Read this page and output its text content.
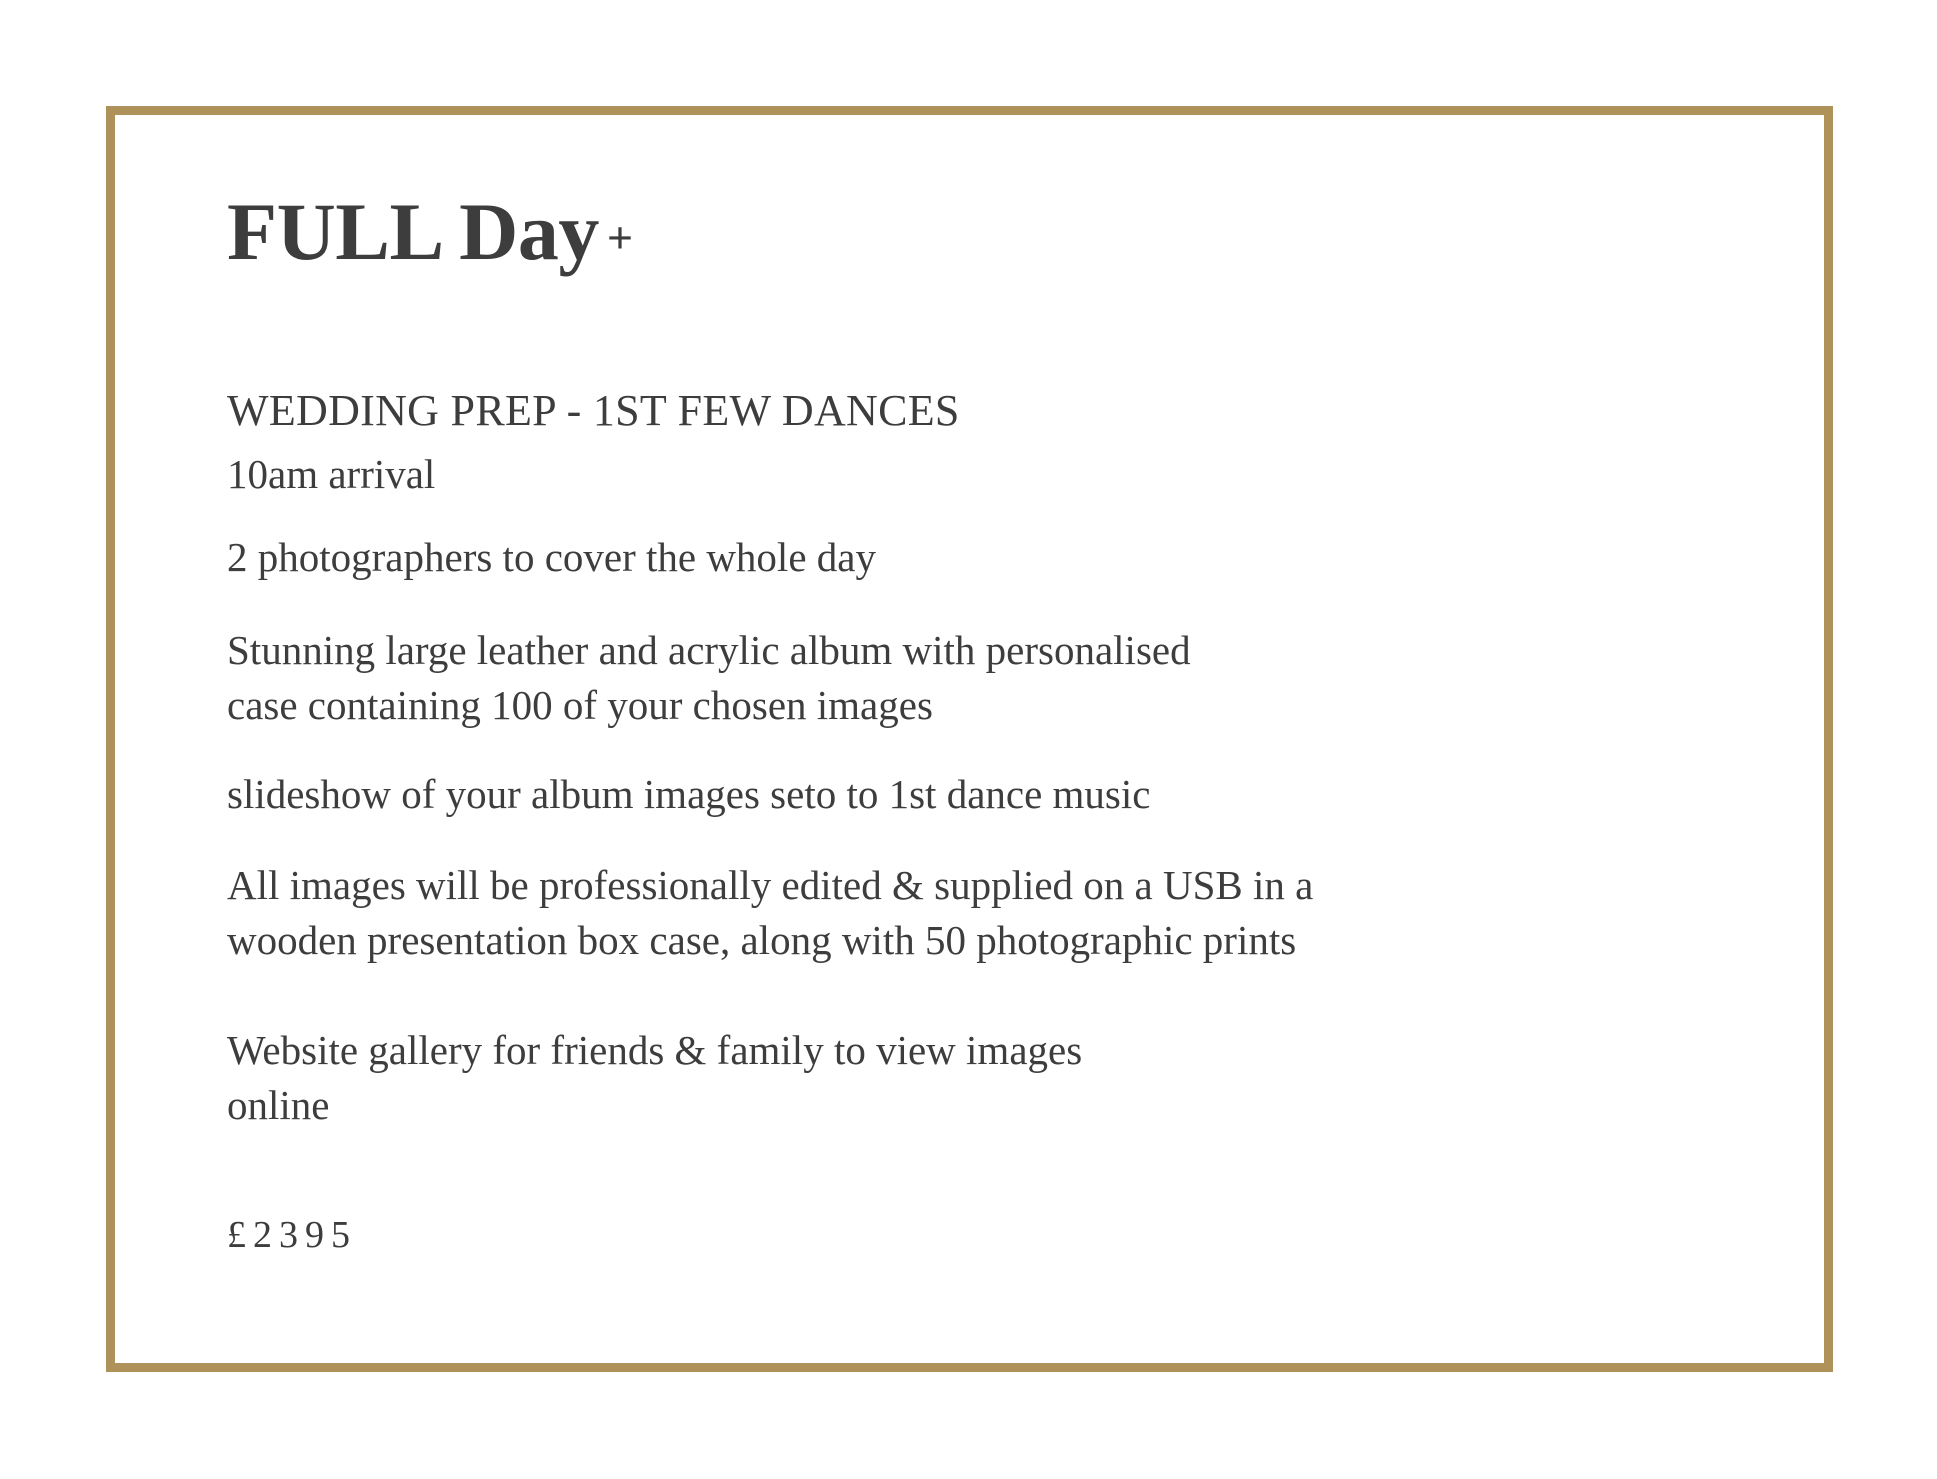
FULL Day +

WEDDING PREP - 1ST FEW DANCES

10am arrival

2 photographers to cover the whole day

Stunning large leather and acrylic album with personalised

case containing 100 of your chosen images

slideshow of your album images seto to 1st dance music

All images will be professionally edited & supplied on a USB in a

wooden presentation box case, along with 50 photographic prints

Website gallery for friends & family to view images

online

£2395
